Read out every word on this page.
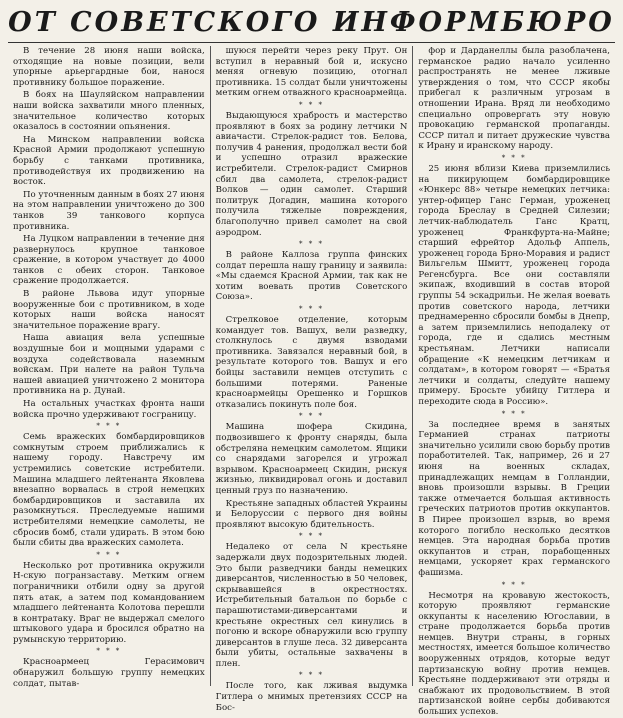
ОТ СОВЕТСКОГО ИНФОРМБЮРО

В течение 28 июня наши войска, отходящие на новые позиции, вели упорные арьергардные бои, нанося противнику большое поражение.

В боях на Шауляйском направлении наши войска захватили много пленных, значительное количество которых оказалось в состоянии опьянения.

На Минском направлении войска Красной Армии продолжают успешную борьбу с танками противника, противодействуя их продвижению на восток.

По уточненным данным в боях 27 июня на этом направлении уничтожено до 300 танков 39 танкового корпуса противника.

На Луцком направлении в течение дня развернулось крупное танковое сражение, в котором участвует до 4000 танков с обеих сторон. Танковое сражение продолжается.

В районе Львова идут упорные вооруженные бои с противником, в ходе которых наши войска наносят значительное поражение врагу.

Наша авиация вела успешные воздушные бои и мощными ударами с воздуха содействовала наземным войскам. При налете на район Тульча нашей авиацией уничтожено 2 монитора противника на р. Дунай.

На остальных участках фронта наши войска прочно удерживают госграницу.

* * *

Семь вражеских бомбардировщиков сомкнутым строем приближались к нашему городу. Навстречу им устремились советские истребители. Машина младшего лейтенанта Яковлева внезапно ворвалась в строй немецких бомбардировщиков и заставила их разомкнуться. Преследуемые нашими истребителями немецкие самолеты, не сбросив бомб, стали удирать. В этом бою были сбиты два вражеских самолета.

* * *

Несколько рот противника окружили Н-скую погранзаставу. Метким огнем пограничники отбили одну за другой пять атак, а затем под командованием младшего лейтенанта Колотова перешли в контратаку. Враг не выдержал смелого штыкового удара и бросился обратно на румынскую территорию.

* * *

Красноармеец Герасимович обнаружил большую группу немецких солдат, пытав-

шуюся перейти через реку Прут. Он вступил в неравный бой и, искусно меняя огневую позицию, отогнал противника. 15 солдат были уничтожены метким огнем отважного красноармейца.

* * *

Выдающуюся храбрость и мастерство проявляют в боях за родину летчики N авиачасти. Стрелок-радист тов. Белова, получив 4 ранения, продолжал вести бой и успешно отразил вражеские истребители. Стрелок-радист Смирнов сбил два самолета, стрелок-радист Волков — один самолет. Старший политрук Догадин, машина которого получила тяжелые повреждения, благополучно привел самолет на свой аэродром.

* * *

В районе Каллоза группа финских солдат перешла нашу границу и заявила: «Мы сдаемся Красной Армии, так как не хотим воевать против Советского Союза».

* * *

Стрелковое отделение, которым командует тов. Вашух, вели разведку, столкнулось с двумя взводами противника. Завязался неравный бой, в результате которого тов. Вашух и его бойцы заставили немцев отступить с большими потерями. Раненые красноармейцы Орешенко и Горшков отказались покинуть поле боя.

* * *

Машина шофера Скидина, подвозившего к фронту снаряды, была обстреляна немецким самолетом. Ящики со снарядами загорелся и угрожал взрывом. Красноармеец Скидин, рискуя жизнью, ликвидировал огонь и доставил ценный груз по назначению.

Крестьяне западных областей Украины и Белоруссии с первого дня войны проявляют высокую бдительность.

* * *

Недалеко от села N крестьяне задержали двух подозрительных людей. Это были разведчики банды немецких диверсантов, численностью в 50 человек, скрывавшейся в окрестностях. Истребительный батальон по борьбе с парашютистами-диверсантами и крестьяне окрестных сел кинулись в погоню и вскоре обнаружили всю группу диверсантов в глуше леса. 32 диверсанта были убиты, остальные захвачены в плен.

* * *

После того, как лживая выдумка Гитлера о мнимых претензиях СССР на Бос-

фор и Дарданеллы была разоблачена, германское радио начало усиленно распространять не менее лживые утверждения о том, что СССР якобы прибегал к различным угрозам в отношении Ирана. Вряд ли необходимо специально опровергать эту новую провокацию германской пропаганды. СССР питал и питает дружеские чувства к Ирану и иранскому народу.

* * *

25 июня вблизи Киева приземлились на пикирующем бомбардировщике «Юнкерс 88» четыре немецких летчика: унтер-офицер Ганс Герман, уроженец города Бреслау в Средней Силезии; летчик-наблюдатель Ганс Кратц, уроженец Франкфурта-на-Майне; старший ефрейтор Адольф Аппель, уроженец города Брно-Моравия и радист Вильгельм Шмитт, уроженец города Регенсбурга. Все они составляли экипаж, входивший в состав второй группы 54 эскадрильи. Не желая воевать против советского народа, летчики преднамеренно сбросили бомбы в Днепр, а затем приземлились неподалеку от города, где и сдались местным крестьянам. Летчики написали обращение «К немецким летчикам и солдатам», в котором говорят — «Братья летчики и солдаты, следуйте нашему примеру. Бросьте убийцу Гитлера и переходите сюда в Россию».

* * *

За последнее время в занятых Германией странах патриоты значительно усилили свою борьбу против поработителей. Так, например, 26 и 27 июня на военных складах, принадлежащих немцам в Голландии, вновь произошли взрывы. В Греции также отмечается большая активность греческих патриотов против оккупантов. В Пирее произошел взрыв, во время которого погибло несколько десятков немцев. Эта народная борьба против оккупантов и стран, порабощенных немцами, ускоряет крах германского фашизма.

* * *

Несмотря на кровавую жестокость, которую проявляют германские оккупанты к населению Югославии, в стране продолжается борьба против немцев. Внутри страны, в горных местностях, имеется большое количество вооруженных отрядов, которые ведут партизанскую войну против немцев. Крестьяне поддерживают эти отряды и снабжают их продовольствием. В этой партизанской войне сербы добиваются больших успехов.
